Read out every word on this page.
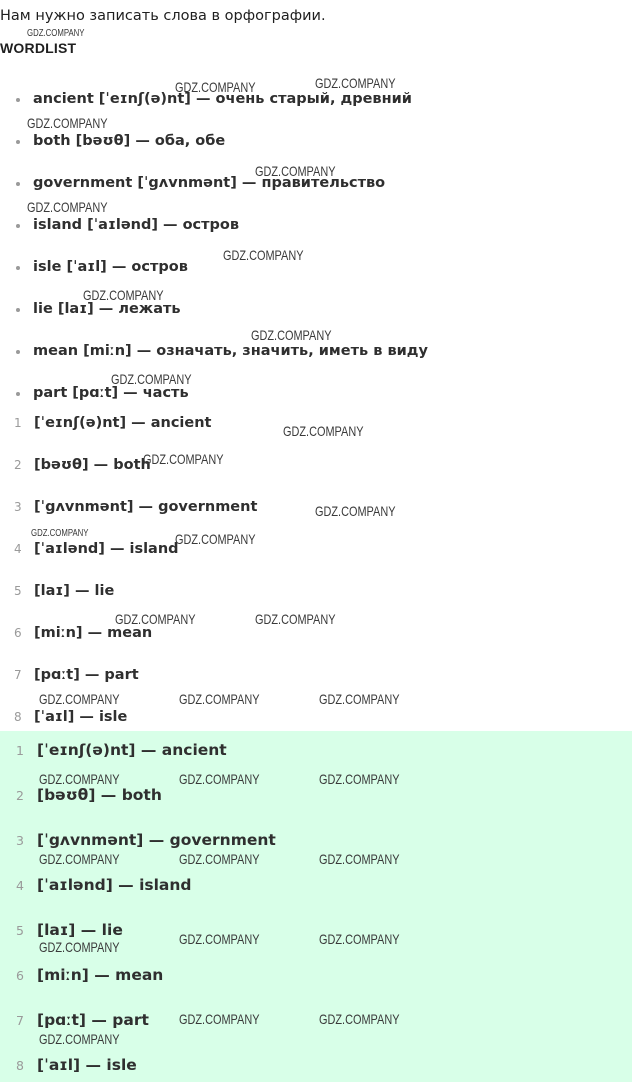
Нам нужно записать слова в орфографии.
WORDLIST
ancient [ˈeɪnʃ(ə)nt] — очень старый, древний
both [bəʊθ] — оба, обе
government [ˈgʌvnmənt] — правительство
island [ˈaɪlənd] — остров
isle [ˈaɪl] — остров
lie [laɪ] — лежать
mean [miːn] — означать, значить, иметь в виду
part [pɑːt] — часть
1 [ˈeɪnʃ(ə)nt] — ancient
2 [bəʊθ] — both
3 [ˈgʌvnmənt] — government
4 [ˈaɪlənd] — island
5 [laɪ] — lie
6 [miːn] — mean
7 [pɑːt] — part
8 [ˈaɪl] — isle
1 [ˈeɪnʃ(ə)nt] — ancient
2 [bəʊθ] — both
3 [ˈgʌvnmənt] — government
4 [ˈaɪlənd] — island
5 [laɪ] — lie
6 [miːn] — mean
7 [pɑːt] — part
8 [ˈaɪl] — isle
GDZ.COMPANY
GDZ.COMPANY	GDZ.COMPANY
GDZ.COMPANY
GDZ.COMPANY
GDZ.COMPANY
GDZ.COMPANY
GDZ.COMPANY
GDZ.COMPANY
GDZ.COMPANY
GDZ.COMPANY
GDZ.COMPANY
GDZ.COMPANY
GDZ.COMPANY	GDZ.COMPANY
GDZ.COMPANY	GDZ.COMPANY
GDZ.COMPANY	GDZ.COMPANY	GDZ.COMPANY
GDZ.COMPANY	GDZ.COMPANY	GDZ.COMPANY
GDZ.COMPANY	GDZ.COMPANY	GDZ.COMPANY
GDZ.COMPANY	GDZ.COMPANY	GDZ.COMPANY
GDZ.COMPANY	GDZ.COMPANY
GDZ.COMPANY
